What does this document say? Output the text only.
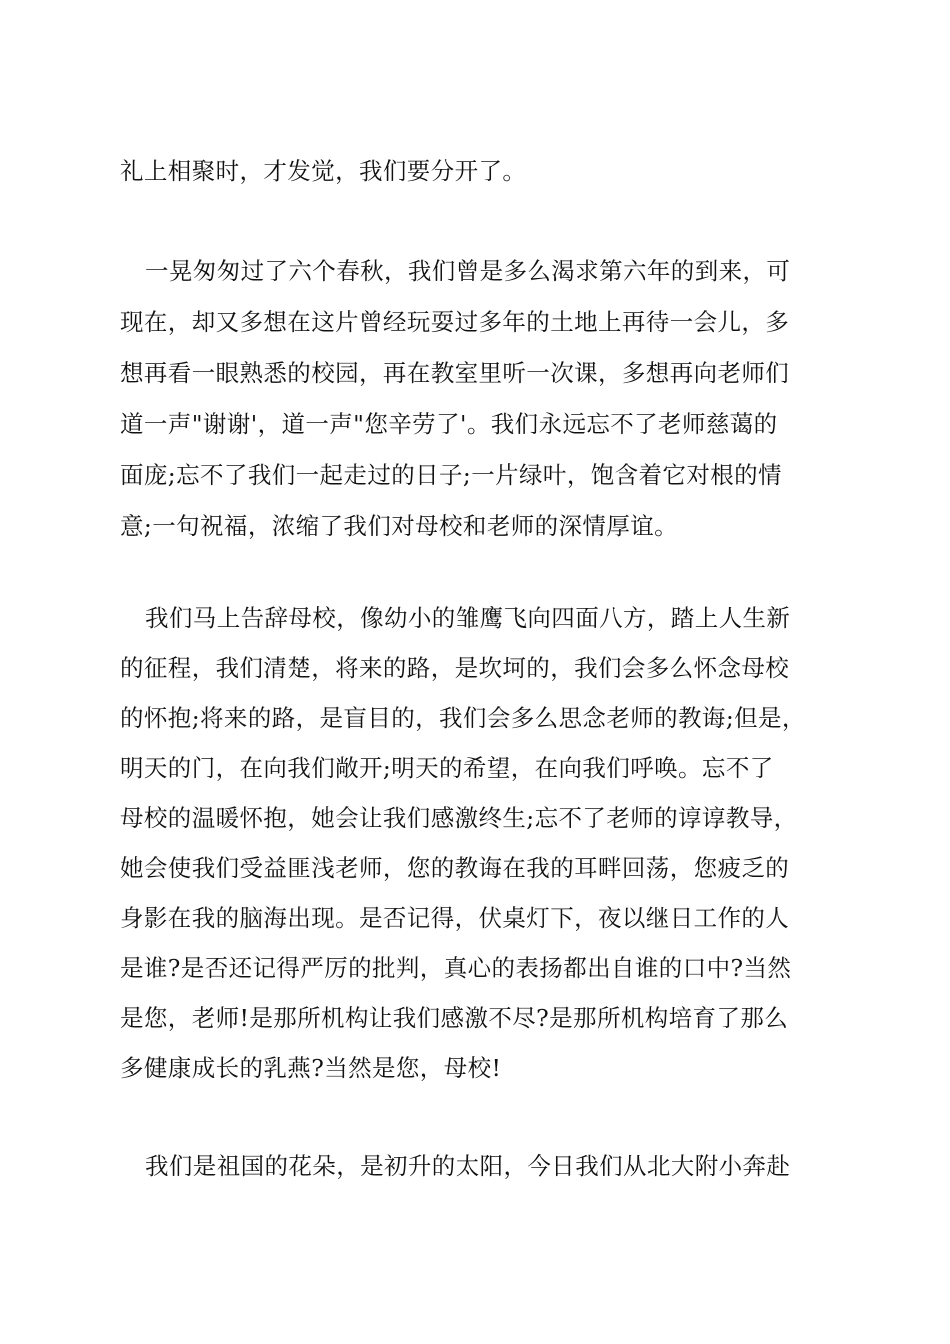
礼上相聚时，才发觉，我们要分开了。

一晃匆匆过了六个春秋，我们曾是多么渴求第六年的到来，可

现在，却又多想在这片曾经玩耍过多年的土地上再待一会儿，多

想再看一眼熟悉的校园，再在教室里听一次课，多想再向老师们

道一声"谢谢'，道一声"您辛劳了'。我们永远忘不了老师慈蔼的

面庞;忘不了我们一起走过的日子;一片绿叶，饱含着它对根的情

意;一句祝福，浓缩了我们对母校和老师的深情厚谊。

我们马上告辞母校，像幼小的雏鹰飞向四面八方，踏上人生新

的征程，我们清楚，将来的路，是坎坷的，我们会多么怀念母校

的怀抱;将来的路，是盲目的，我们会多么思念老师的教诲;但是，

明天的门，在向我们敞开;明天的希望，在向我们呼唤。忘不了

母校的温暖怀抱，她会让我们感激终生;忘不了老师的谆谆教导，

她会使我们受益匪浅老师，您的教诲在我的耳畔回荡，您疲乏的

身影在我的脑海出现。是否记得，伏桌灯下，夜以继日工作的人

是谁?是否还记得严厉的批判，真心的表扬都出自谁的口中?当然

是您，老师!是那所机构让我们感激不尽?是那所机构培育了那么

多健康成长的乳燕?当然是您，母校!

我们是祖国的花朵，是初升的太阳，今日我们从北大附小奔赴
